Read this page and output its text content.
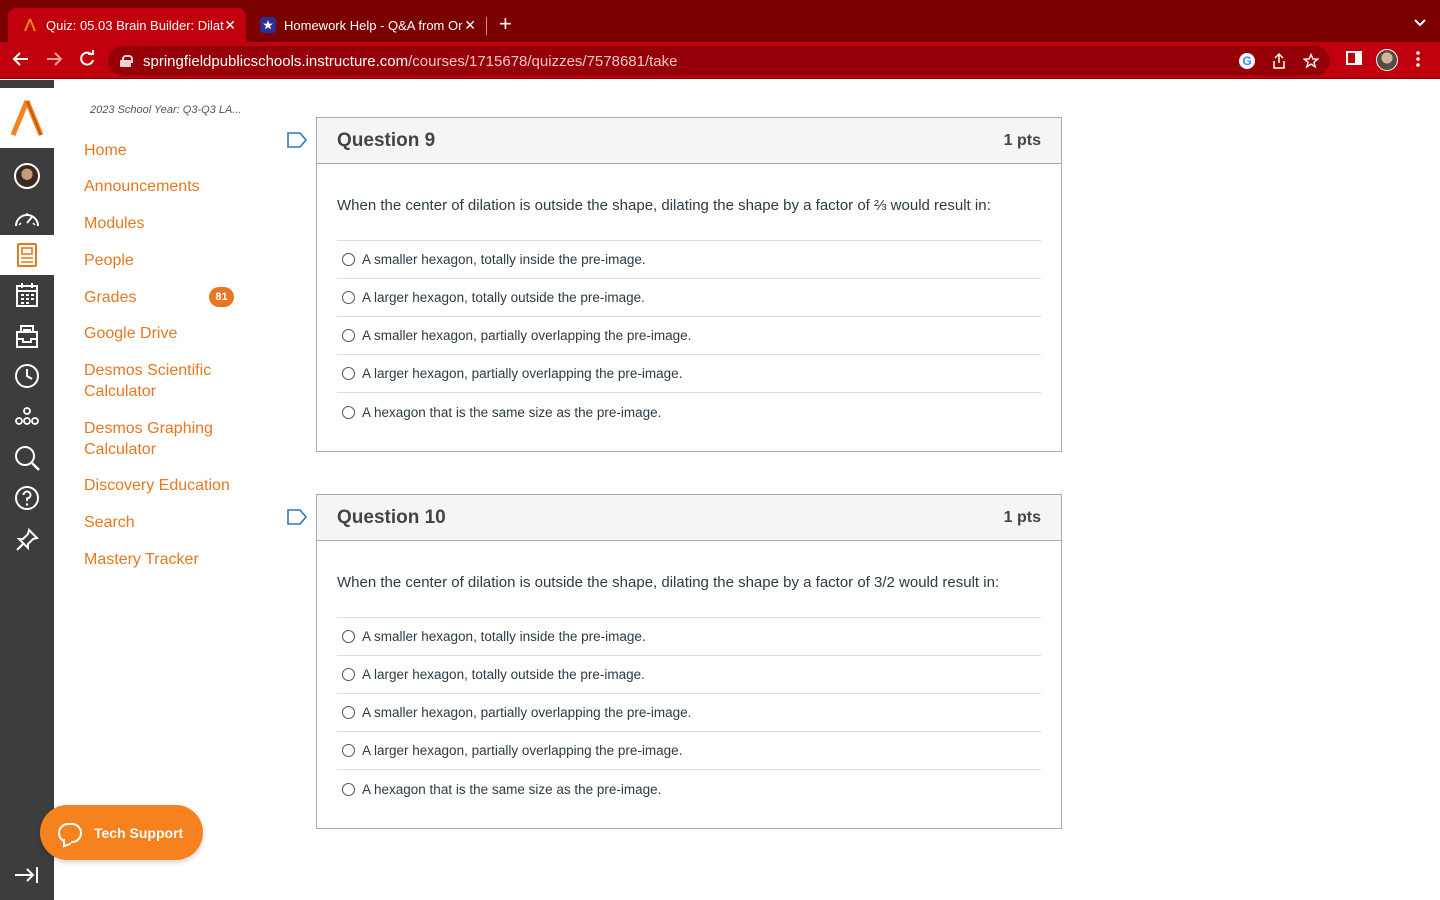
Quiz: 05.03 Brain Builder: Dilat ✕	Homework Help - Q&A from Or ✕ +
springfieldpublicschools.instructure.com /courses/1715678/quizzes/7578681/take	G
2023 School Year: Q3-Q3 LA...
Home
Announcements
Modules
People
Grades	81
Google Drive
Desmos Scientific Calculator
Desmos Graphing Calculator
Discovery Education
Search
Mastery Tracker
Tech Support
Question 9	1 pts
When the center of dilation is outside the shape, dilating the shape by a factor of ⅔ would result in:
A smaller hexagon, totally inside the pre-image.
A larger hexagon, totally outside the pre-image.
A smaller hexagon, partially overlapping the pre-image.
A larger hexagon, partially overlapping the pre-image.
A hexagon that is the same size as the pre-image.
Question 10	1 pts
When the center of dilation is outside the shape, dilating the shape by a factor of 3/2 would result in:
A smaller hexagon, totally inside the pre-image.
A larger hexagon, totally outside the pre-image.
A smaller hexagon, partially overlapping the pre-image.
A larger hexagon, partially overlapping the pre-image.
A hexagon that is the same size as the pre-image.
